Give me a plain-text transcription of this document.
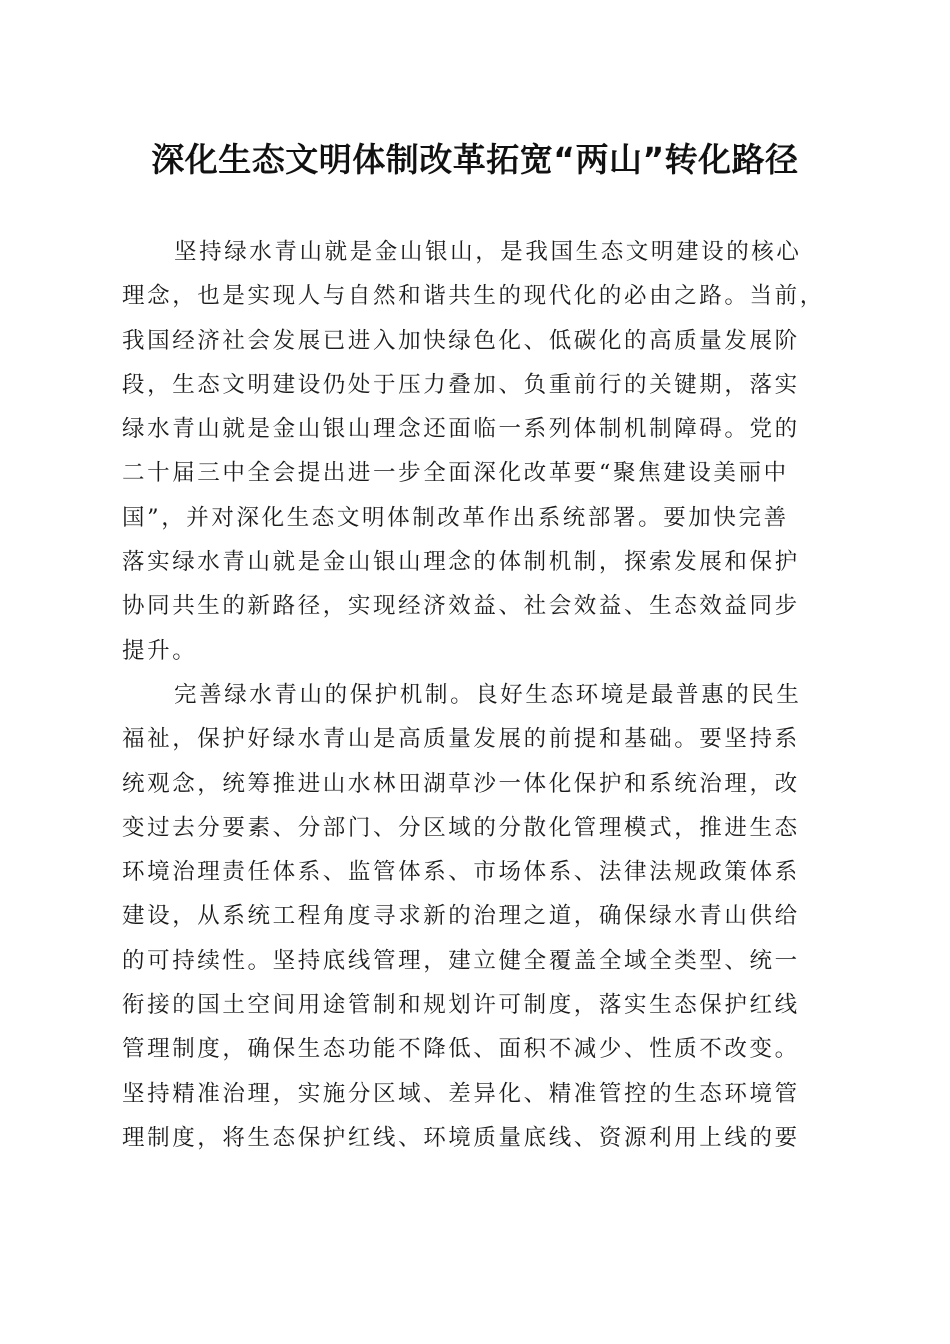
深化生态文明体制改革拓宽“两山”转化路径
坚持绿水青山就是金山银山，是我国生态文明建设的核心
理念，也是实现人与自然和谐共生的现代化的必由之路。当前，
我国经济社会发展已进入加快绿色化、低碳化的高质量发展阶
段，生态文明建设仍处于压力叠加、负重前行的关键期，落实
绿水青山就是金山银山理念还面临一系列体制机制障碍。党的
二十届三中全会提出进一步全面深化改革要“聚焦建设美丽中
国”，并对深化生态文明体制改革作出系统部署。要加快完善
落实绿水青山就是金山银山理念的体制机制，探索发展和保护
协同共生的新路径，实现经济效益、社会效益、生态效益同步
提升。
完善绿水青山的保护机制。良好生态环境是最普惠的民生
福祉，保护好绿水青山是高质量发展的前提和基础。要坚持系
统观念，统筹推进山水林田湖草沙一体化保护和系统治理，改
变过去分要素、分部门、分区域的分散化管理模式，推进生态
环境治理责任体系、监管体系、市场体系、法律法规政策体系
建设，从系统工程角度寻求新的治理之道，确保绿水青山供给
的可持续性。坚持底线管理，建立健全覆盖全域全类型、统一
衔接的国土空间用途管制和规划许可制度，落实生态保护红线
管理制度，确保生态功能不降低、面积不减少、性质不改变。
坚持精准治理，实施分区域、差异化、精准管控的生态环境管
理制度，将生态保护红线、环境质量底线、资源利用上线的要
